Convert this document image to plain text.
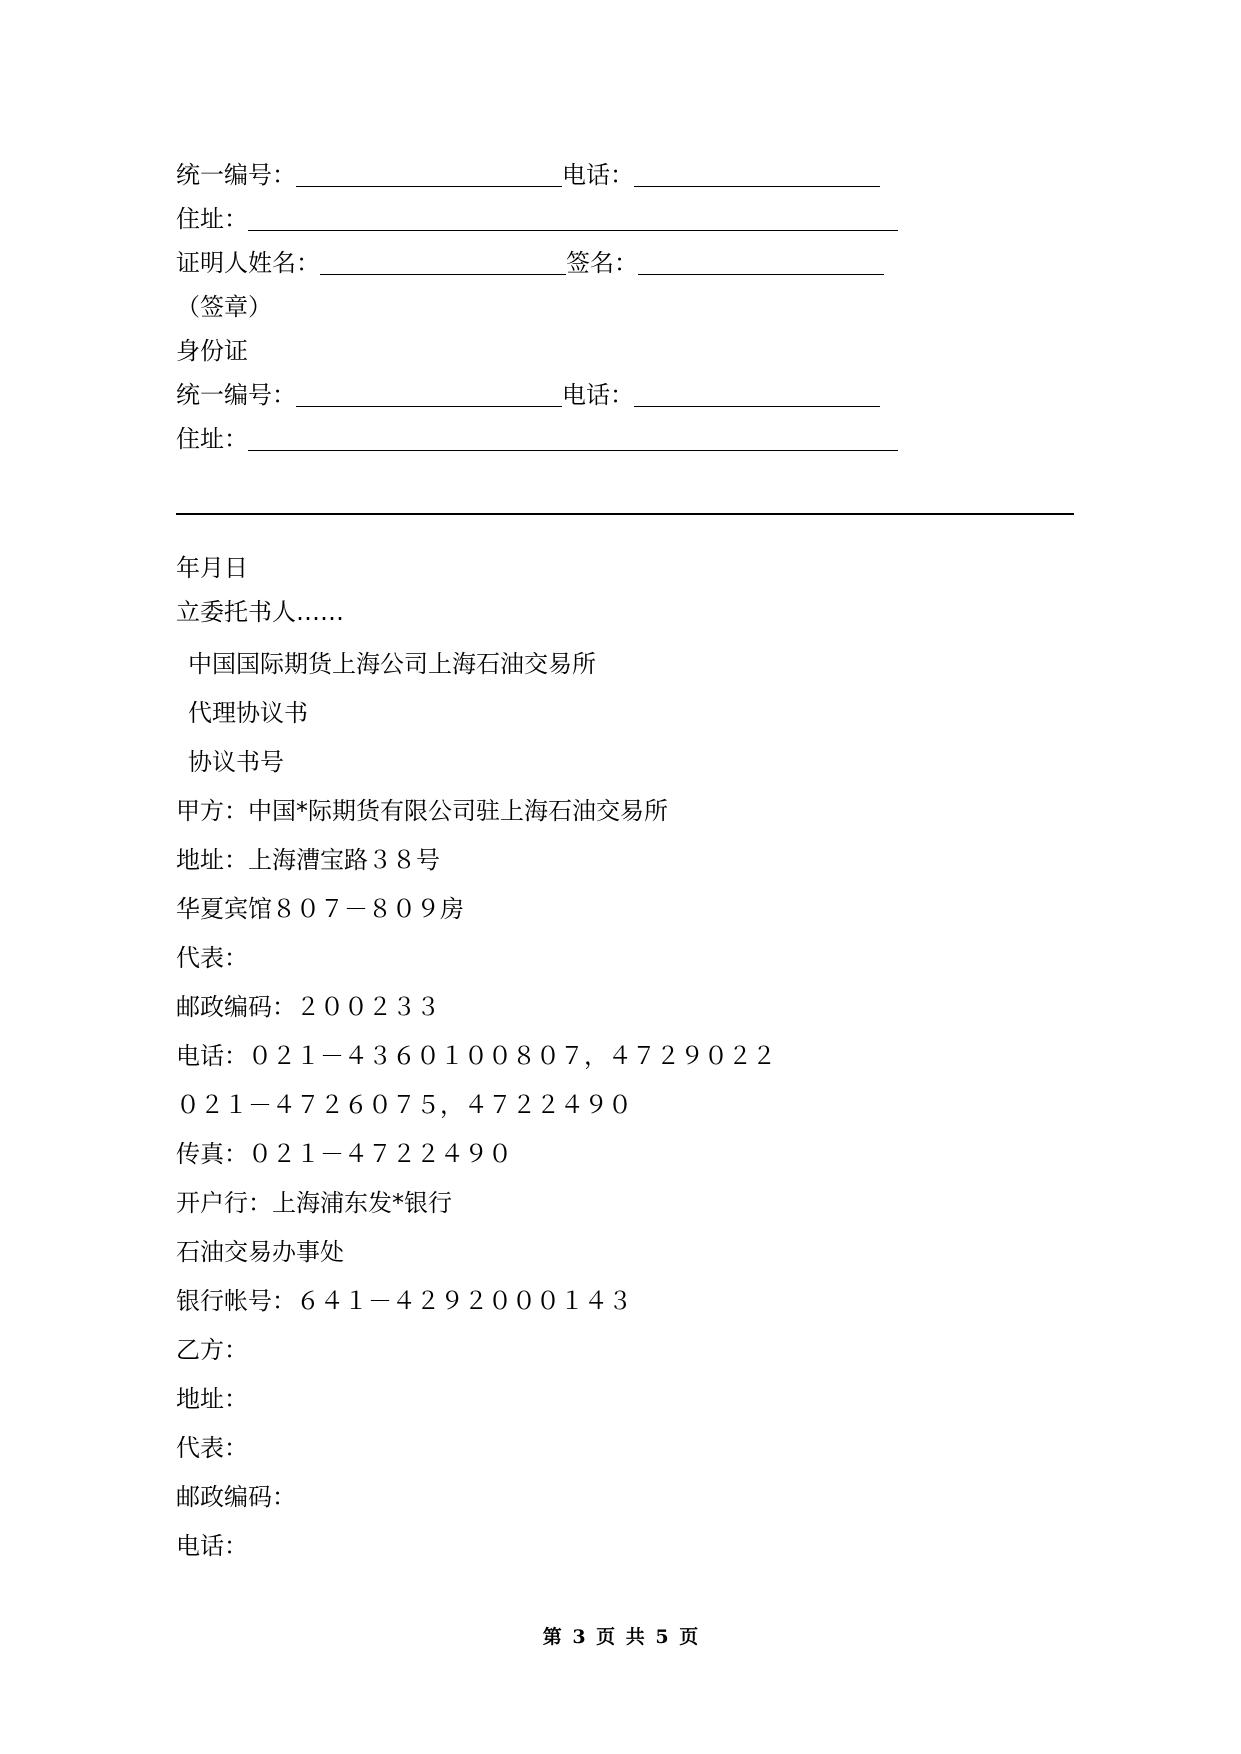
统一编号：	电话：
住址：
证明人姓名：	签名：
（签章）
身份证
统一编号：	电话：
住址：
年月日
立委托书人……
中国国际期货上海公司上海石油交易所
代理协议书
协议书号
甲方：中国*际期货有限公司驻上海石油交易所
地址：上海漕宝路３８号
华夏宾馆８０７－８０９房
代表：
邮政编码：２００２３３
电话：０２１－４３６０１００８０７，４７２９０２２
０２１－４７２６０７５，４７２２４９０
传真：０２１－４７２２４９０
开户行：上海浦东发*银行
石油交易办事处
银行帐号：６４１－４２９２０００１４３
乙方：
地址：
代表：
邮政编码：
电话：
第 3 页 共 5 页
